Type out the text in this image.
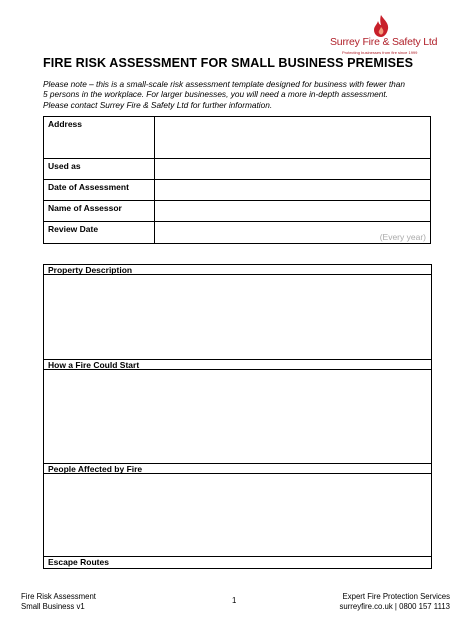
Surrey Fire & Safety Ltd
Protecting businesses from fire since 1999
FIRE RISK ASSESSMENT FOR SMALL BUSINESS PREMISES
Please note – this is a small-scale risk assessment template designed for business with fewer than
5 persons in the workplace. For larger businesses, you will need a more in-depth assessment.
Please contact Surrey Fire & Safety Ltd for further information.
Address	
Used as	
Date of Assessment	
Name of Assessor	
Review Date	(Every year)
Property Description
How a Fire Could Start
People Affected by Fire
Escape Routes
Fire Risk Assessment
Small Business v1
1	Expert Fire Protection Services
surreyfire.co.uk | 0800 157 1113
